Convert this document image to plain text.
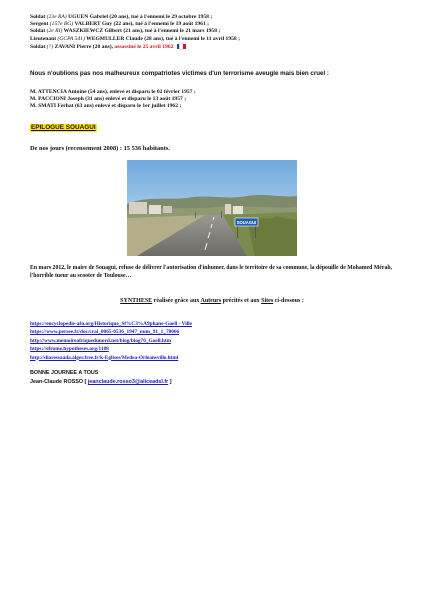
Soldat (23e RA) UGUEN Gabriel (20 ans), tué à l'ennemi le 29 octobre 1958 ;
Sergent (157e BG) VALBERT Guy (22 ans), tué à l'ennemi le 19 août 1961 ;
Soldat (2e RI) WASZKIEWCZ Gilbert (21 ans), tué à l'ennemi le 21 mars 1958 ;
Lieutenant (GCPA 541) WEGMULLER Claude (28 ans), tué à l'ennemi le 11 avril 1958 ;
Soldat (?) ZAVANI Pierre (20 ans), assassiné le 25 avril 1962
Nous n'oublions pas nos malheureux compatriotes victimes d'un terrorisme aveugle mais bien cruel :
M. ATTENCIA Antoine (54 ans), enlevé et disparu le 02 février 1957 ;
M. PACCIONI Joseph (31 ans) enlevé et disparu le 13 août 1957 ;
M. SMATI Ferhat (63 ans) enlevé et disparu le 1er juillet 1962 ;
EPILOGUE SOUAGUI
De nos jours (recensement 2008) : 15 536 habitants.
SOUAGUI
En mars 2012, le maire de Souagui, refuse de délivrer l'autorisation d'inhumer, dans le territoire de sa commune, la dépouille de Mohamed Mérah, l'horrible tueur au scooter de Toulouse…
SYNTHESE réalisée grâce aux Auteurs précités et aux Sites ci-dessous :
https://encyclopedie-afn.org/Historique_Sf%C3%A9phane-Goell - Ville
https://www.persee.fr/doc/crai_0065-0536_1947_num_91_1_78066
http://www.memoireafriquedunord.net/biog/biog76_Goell.htm
https://efrome.hypotheses.org/1188
http://diaressaada.alger.free.fr/k-Eglises/Medea-Orleansville.html
BONNE JOURNEE A TOUS
Jean-Claude ROSSO [ jeanclaude.rosso3@aliceadsl.fr ]
